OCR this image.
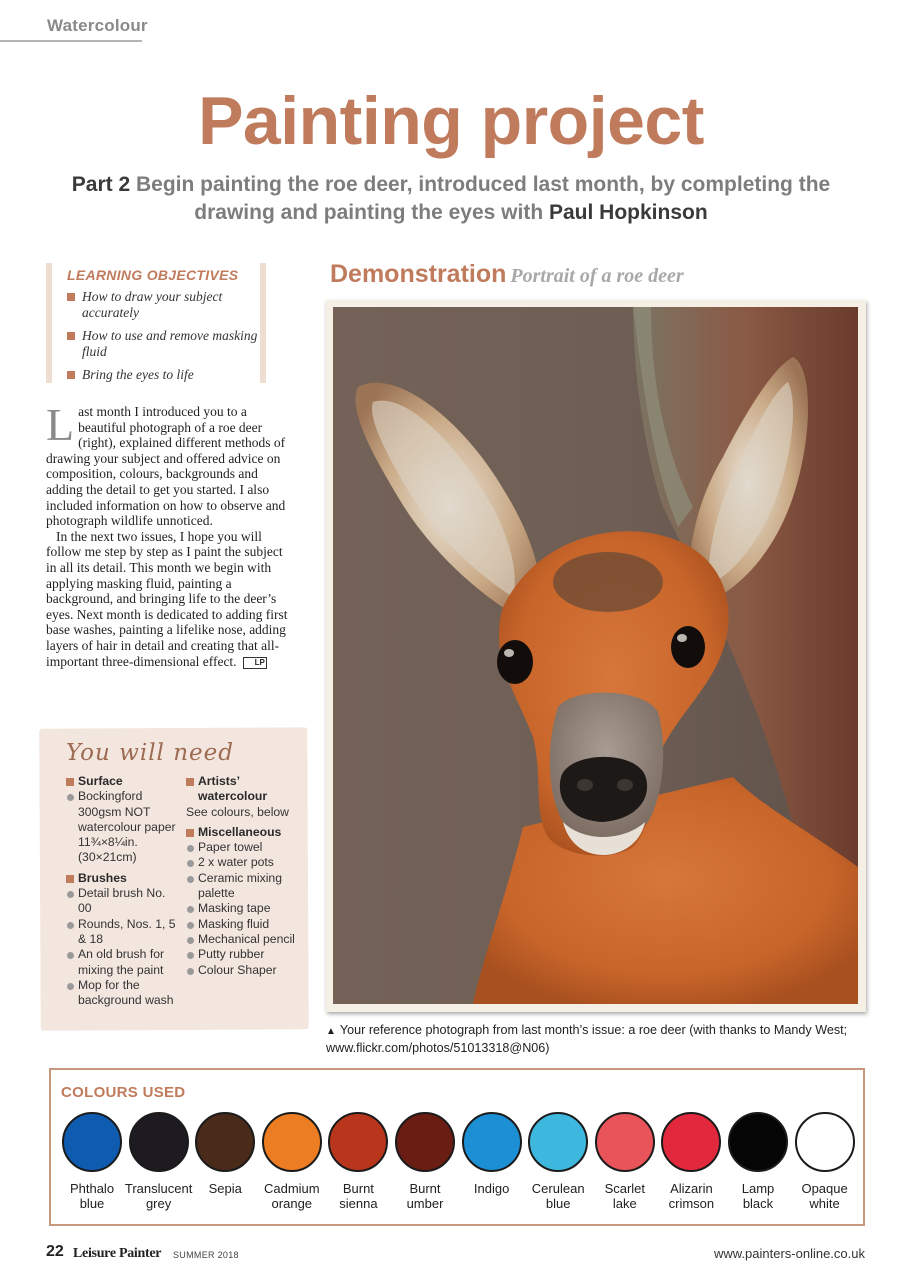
Watercolour
Painting project
Part 2 Begin painting the roe deer, introduced last month, by completing the drawing and painting the eyes with Paul Hopkinson
LEARNING OBJECTIVES
How to draw your subject accurately
How to use and remove masking fluid
Bring the eyes to life

Last month I introduced you to a beautiful photograph of a roe deer (right), explained different methods of drawing your subject and offered advice on composition, colours, backgrounds and adding the detail to get you started. I also included information on how to observe and photograph wildlife unnoticed.

In the next two issues, I hope you will follow me step by step as I paint the subject in all its detail. This month we begin with applying masking fluid, painting a background, and bringing life to the deer’s eyes. Next month is dedicated to adding first base washes, painting a lifelike nose, adding layers of hair in detail and creating that all-important three-dimensional effect. LP

You will need
Surface
Bockingford 300gsm NOT watercolour paper 11¾×8¼in. (30×21cm)
Brushes
Detail brush No. 00
Rounds, Nos. 1, 5 & 18
An old brush for mixing the paint
Mop for the background wash
Artists’ watercolour
See colours, below
Miscellaneous
Paper towel
2 x water pots
Ceramic mixing palette
Masking tape
Masking fluid
Mechanical pencil
Putty rubber
Colour Shaper
Demonstration Portrait of a roe deer
▲ Your reference photograph from last month’s issue: a roe deer (with thanks to Mandy West; www.flickr.com/photos/51013318@N06)
COLOURS USED
Phthalo
blue
Translucent
grey
Sepia	Cadmium
orange
Burnt
sienna
Burnt
umber
Indigo	Cerulean
blue
Scarlet
lake
Alizarin
crimson
Lamp
black
Opaque
white
22 Leisure Painter SUMMER 2018	www.painters-online.co.uk
